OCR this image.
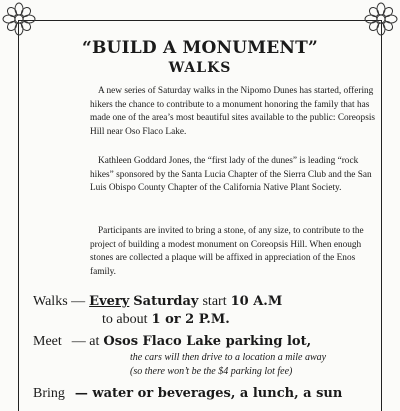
“BUILD A MONUMENT”
WALKS

A new series of Saturday walks in the Nipomo Dunes has started, offering hikers the chance to contribute to a monument honoring the family that has made one of the area’s most beautiful sites available to the public: Coreopsis Hill near Oso Flaco Lake.

Kathleen Goddard Jones, the “first lady of the dunes” is leading “rock hikes” sponsored by the Santa Lucia Chapter of the Sierra Club and the San Luis Obispo County Chapter of the California Native Plant Society.

Participants are invited to bring a stone, of any size, to contribute to the project of building a modest monument on Coreopsis Hill. When enough stones are collected a plaque will be affixed in appreciation of the Enos family.

Walks — Every Saturday start 10 A.M
to about 1 or 2 P.M.
Meet — at Osos Flaco Lake parking lot,
the cars will then drive to a location a mile away
(so there won’t be the $4 parking lot fee)
Bring — water or beverages, a lunch, a sun
